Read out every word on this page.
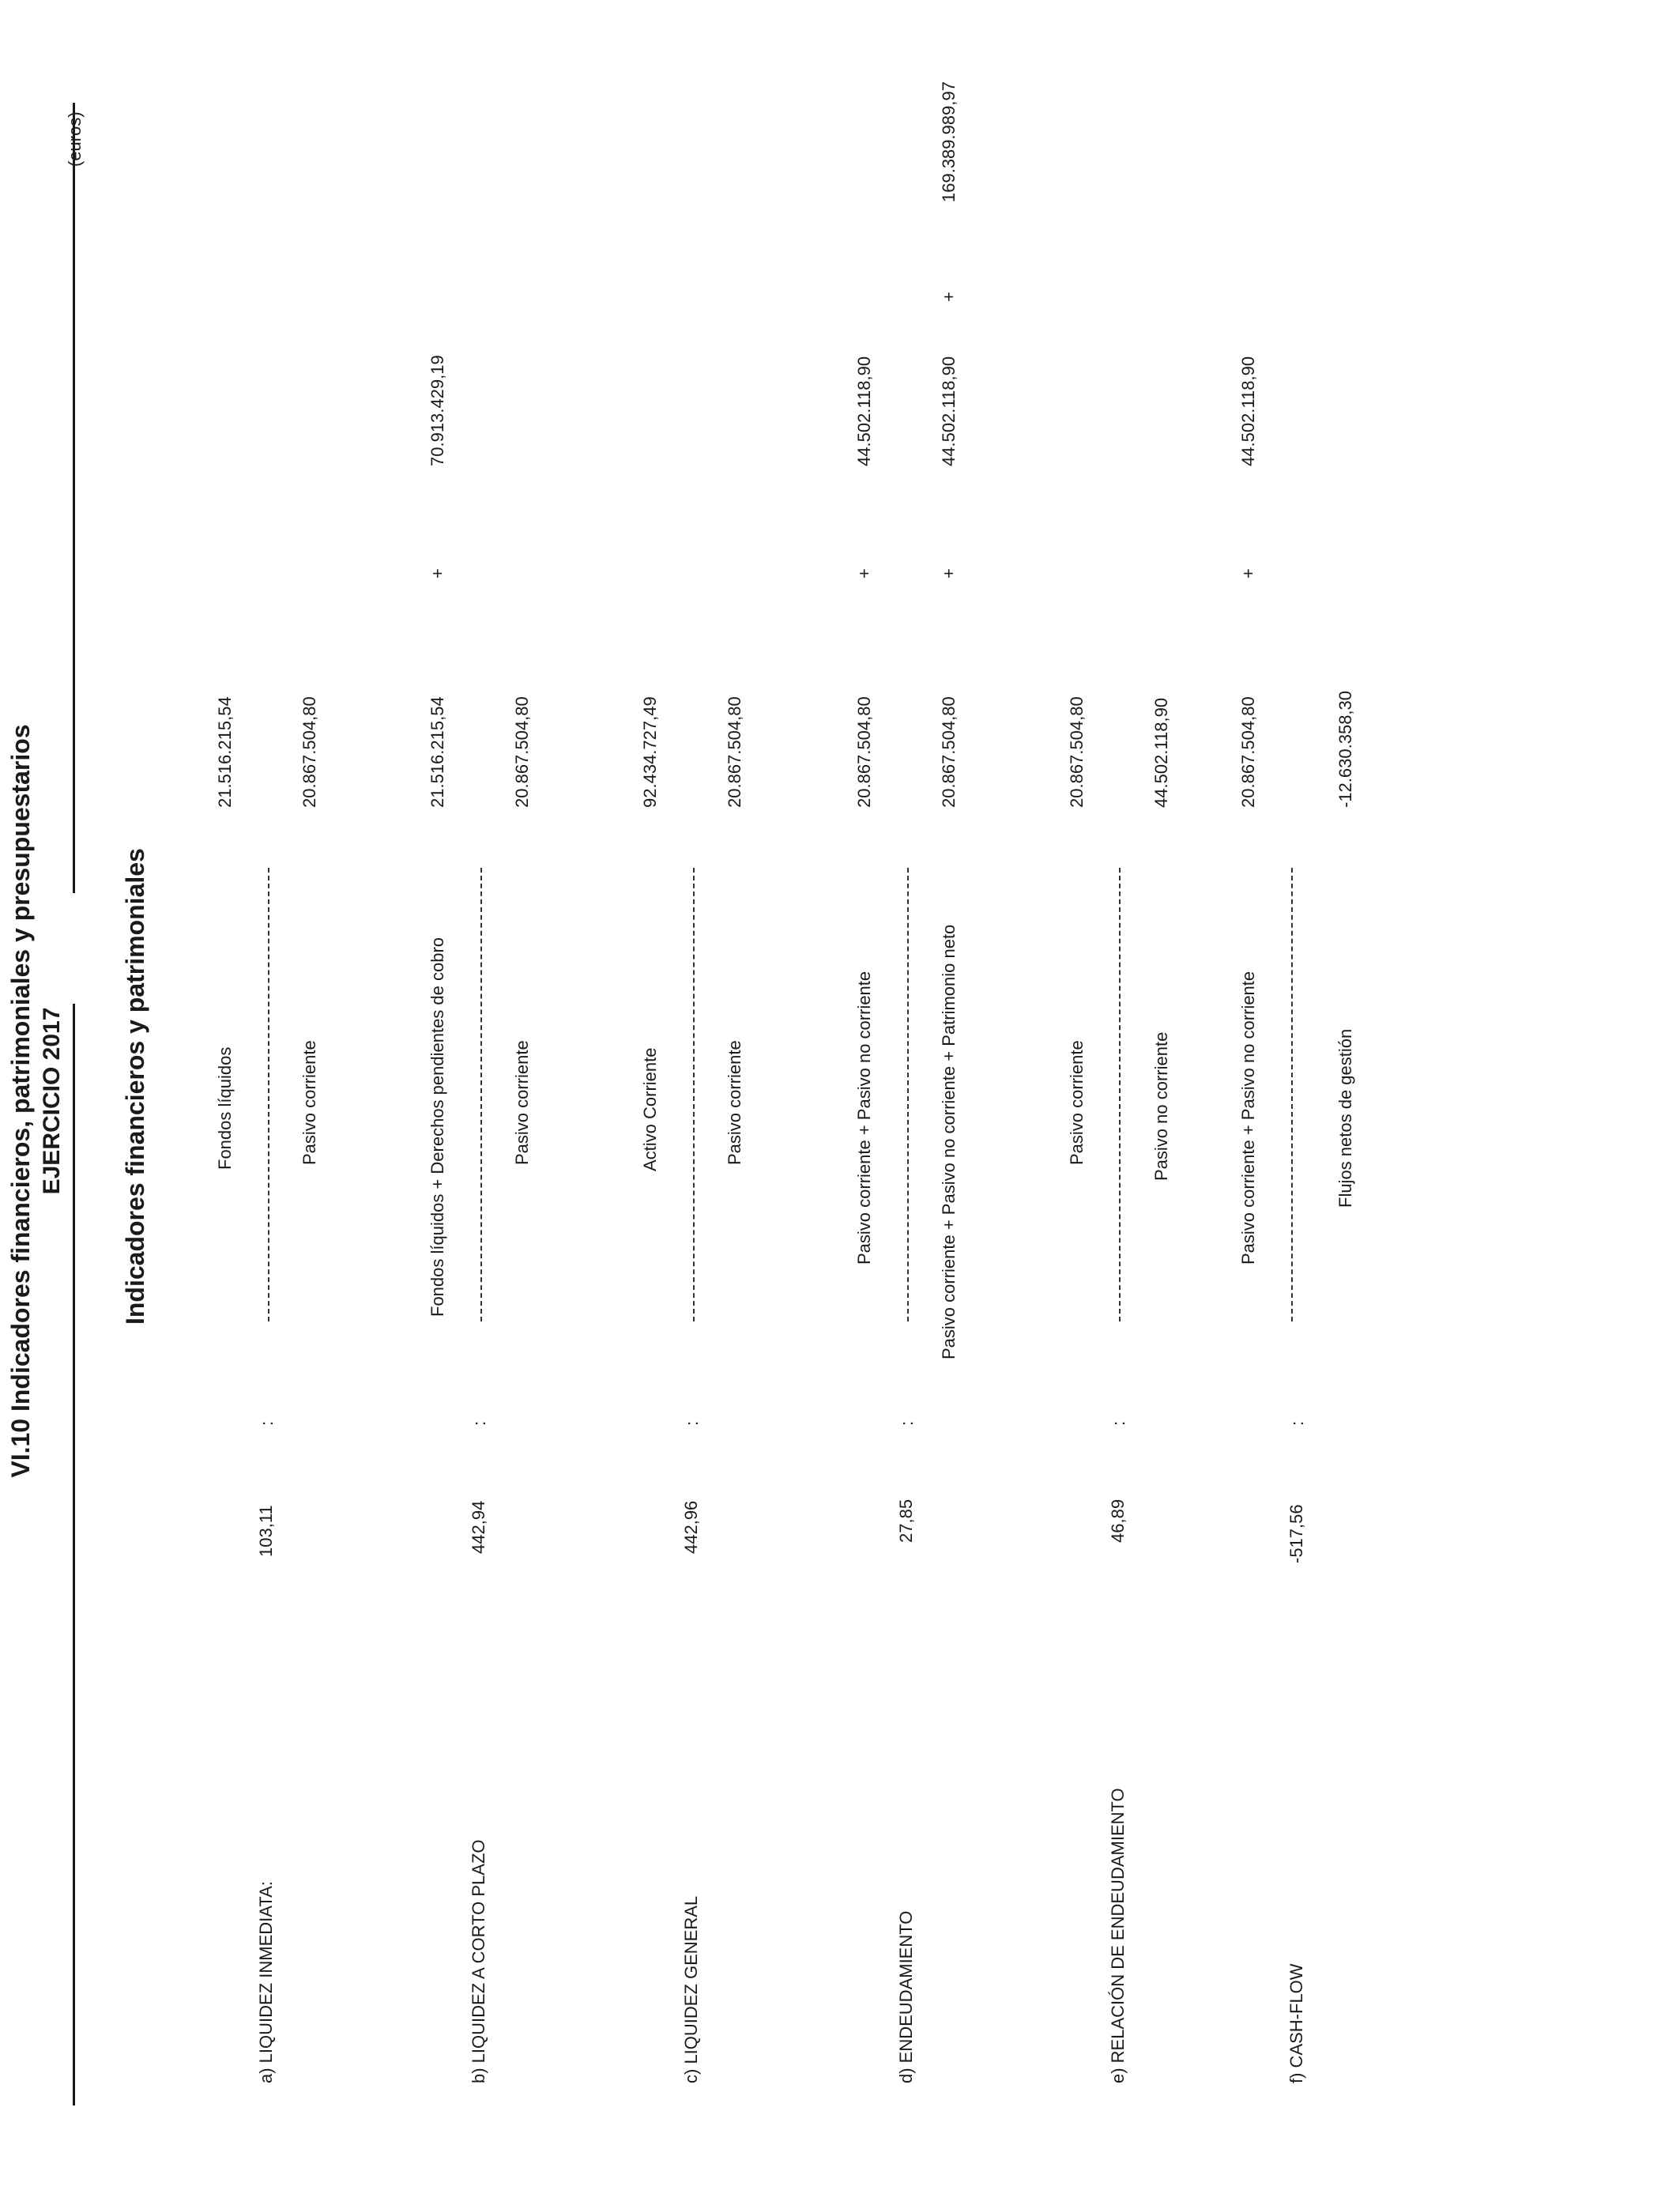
VI.10 Indicadores financieros, patrimoniales y presupuestarios EJERCICIO 2017
(euros)
Indicadores financieros y patrimoniales
a) LIQUIDEZ INMEDIATA:
103,11
:
Fondos líquidos
21.516.215,54
Pasivo corriente
20.867.504,80
b) LIQUIDEZ A CORTO PLAZO
442,94
:
Fondos líquidos + Derechos pendientes de cobro
21.516.215,54
+
70.913.429,19
Pasivo corriente
20.867.504,80
c) LIQUIDEZ GENERAL
442,96
:
Activo Corriente
92.434.727,49
Pasivo corriente
20.867.504,80
d) ENDEUDAMIENTO
27,85
:
Pasivo corriente + Pasivo no corriente
20.867.504,80
+
44.502.118,90
Pasivo corriente + Pasivo no corriente + Patrimonio neto
20.867.504,80
+
44.502.118,90
+
169.389.989,97
e) RELACIÓN DE ENDEUDAMIENTO
46,89
:
Pasivo corriente
20.867.504,80
Pasivo no corriente
44.502.118,90
f) CASH-FLOW
-517,56
:
Pasivo corriente + Pasivo no corriente
20.867.504,80
+
44.502.118,90
Flujos netos de gestión
-12.630.358,30
